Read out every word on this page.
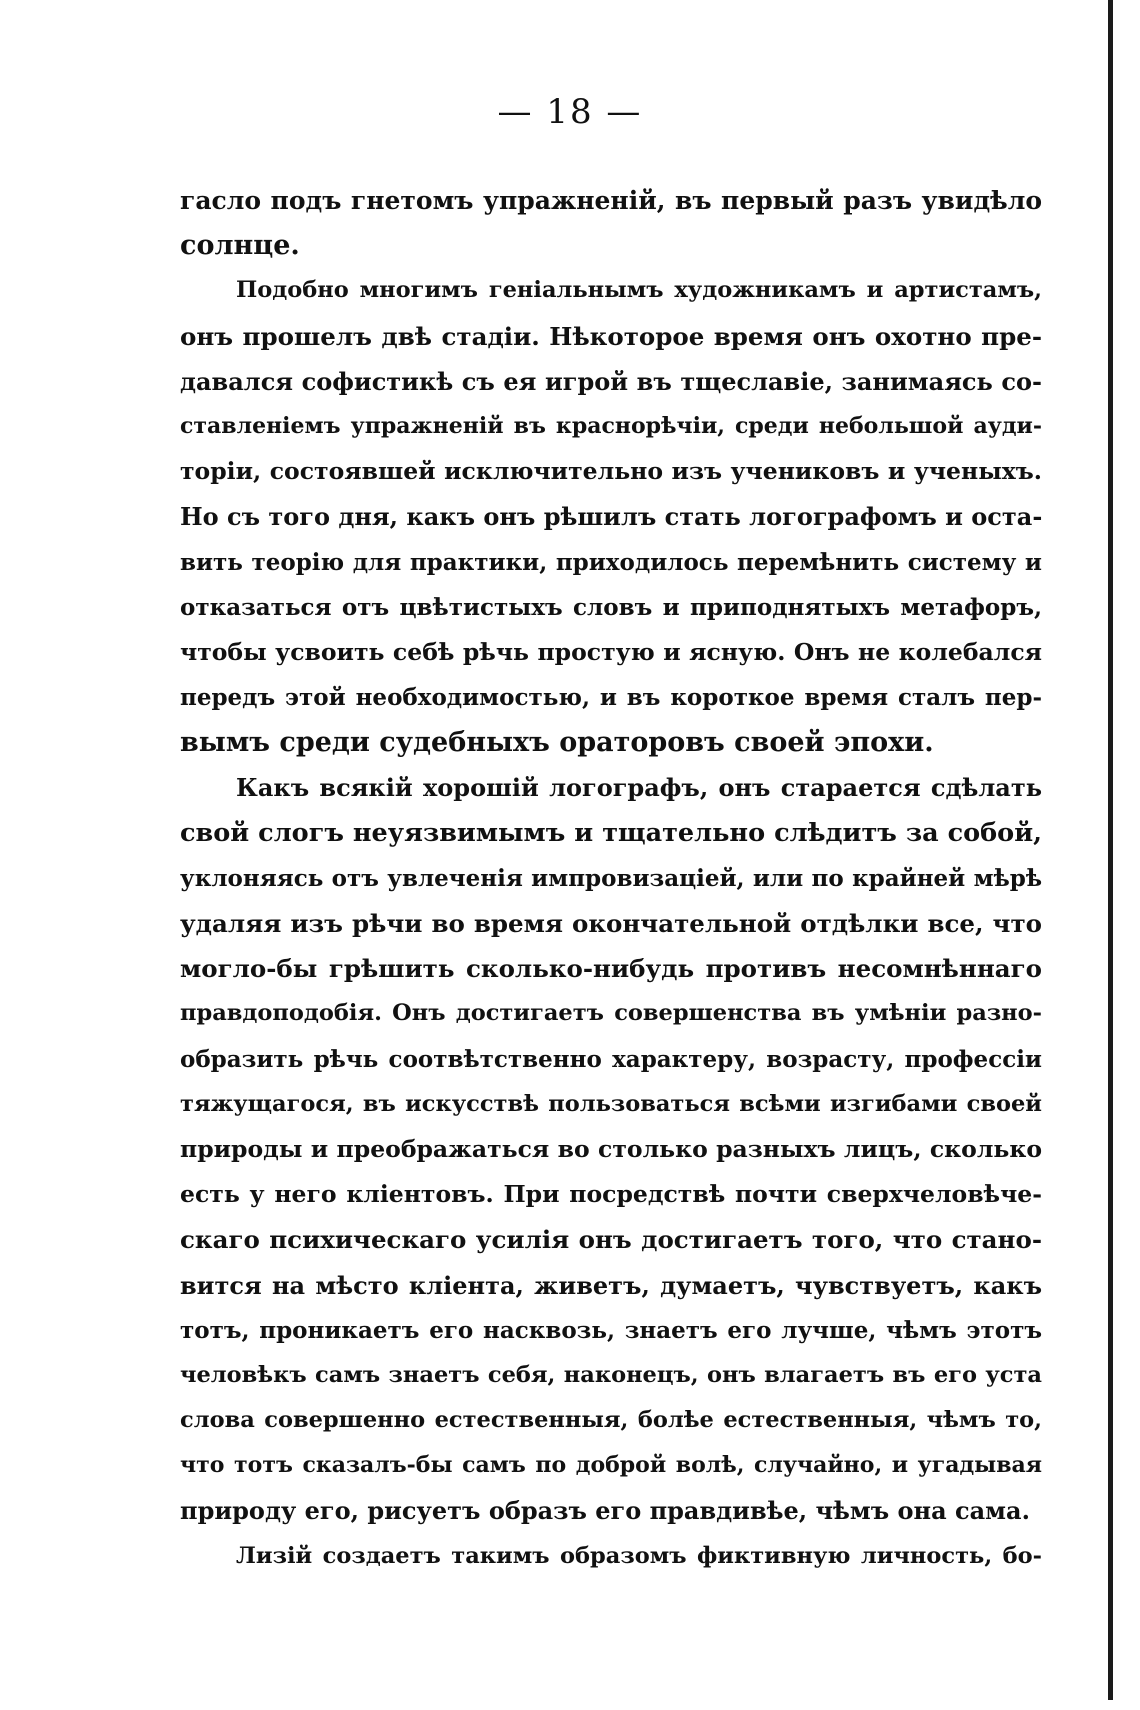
— 18 —
гасло подъ гнетомъ упражненій, въ первый разъ увидѣло
солнце.
Подобно многимъ геніальнымъ художникамъ и артистамъ,
онъ прошелъ двѣ стадіи. Нѣкоторое время онъ охотно пре-
давался софистикѣ съ ея игрой въ тщеславіе, занимаясь со-
ставленіемъ упражненій въ краснорѣчіи, среди небольшой ауди-
торіи, состоявшей исключительно изъ учениковъ и ученыхъ.
Но съ того дня, какъ онъ рѣшилъ стать логографомъ и оста-
вить теорію для практики, приходилось перемѣнить систему и
отказаться отъ цвѣтистыхъ словъ и приподнятыхъ метафоръ,
чтобы усвоить себѣ рѣчь простую и ясную. Онъ не колебался
передъ этой необходимостью, и въ короткое время сталъ пер-
вымъ среди судебныхъ ораторовъ своей эпохи.
Какъ всякій хорошій логографъ, онъ старается сдѣлать
свой слогъ неуязвимымъ и тщательно слѣдитъ за собой,
уклоняясь отъ увлеченія импровизаціей, или по крайней мѣрѣ
удаляя изъ рѣчи во время окончательной отдѣлки все, что
могло-бы грѣшить сколько-нибудь противъ несомнѣннаго
правдоподобія. Онъ достигаетъ совершенства въ умѣніи разно-
образить рѣчь соотвѣтственно характеру, возрасту, профессіи
тяжущагося, въ искусствѣ пользоваться всѣми изгибами своей
природы и преображаться во столько разныхъ лицъ, сколько
есть у него кліентовъ. При посредствѣ почти сверхчеловѣче-
скаго психическаго усилія онъ достигаетъ того, что стано-
вится на мѣсто кліента, живетъ, думаетъ, чувствуетъ, какъ
тотъ, проникаетъ его насквозь, знаетъ его лучше, чѣмъ этотъ
человѣкъ самъ знаетъ себя, наконецъ, онъ влагаетъ въ его уста
слова совершенно естественныя, болѣе естественныя, чѣмъ то,
что тотъ сказалъ-бы самъ по доброй волѣ, случайно, и угадывая
природу его, рисуетъ образъ его правдивѣе, чѣмъ она сама.
Лизій создаетъ такимъ образомъ фиктивную личность, бо-
